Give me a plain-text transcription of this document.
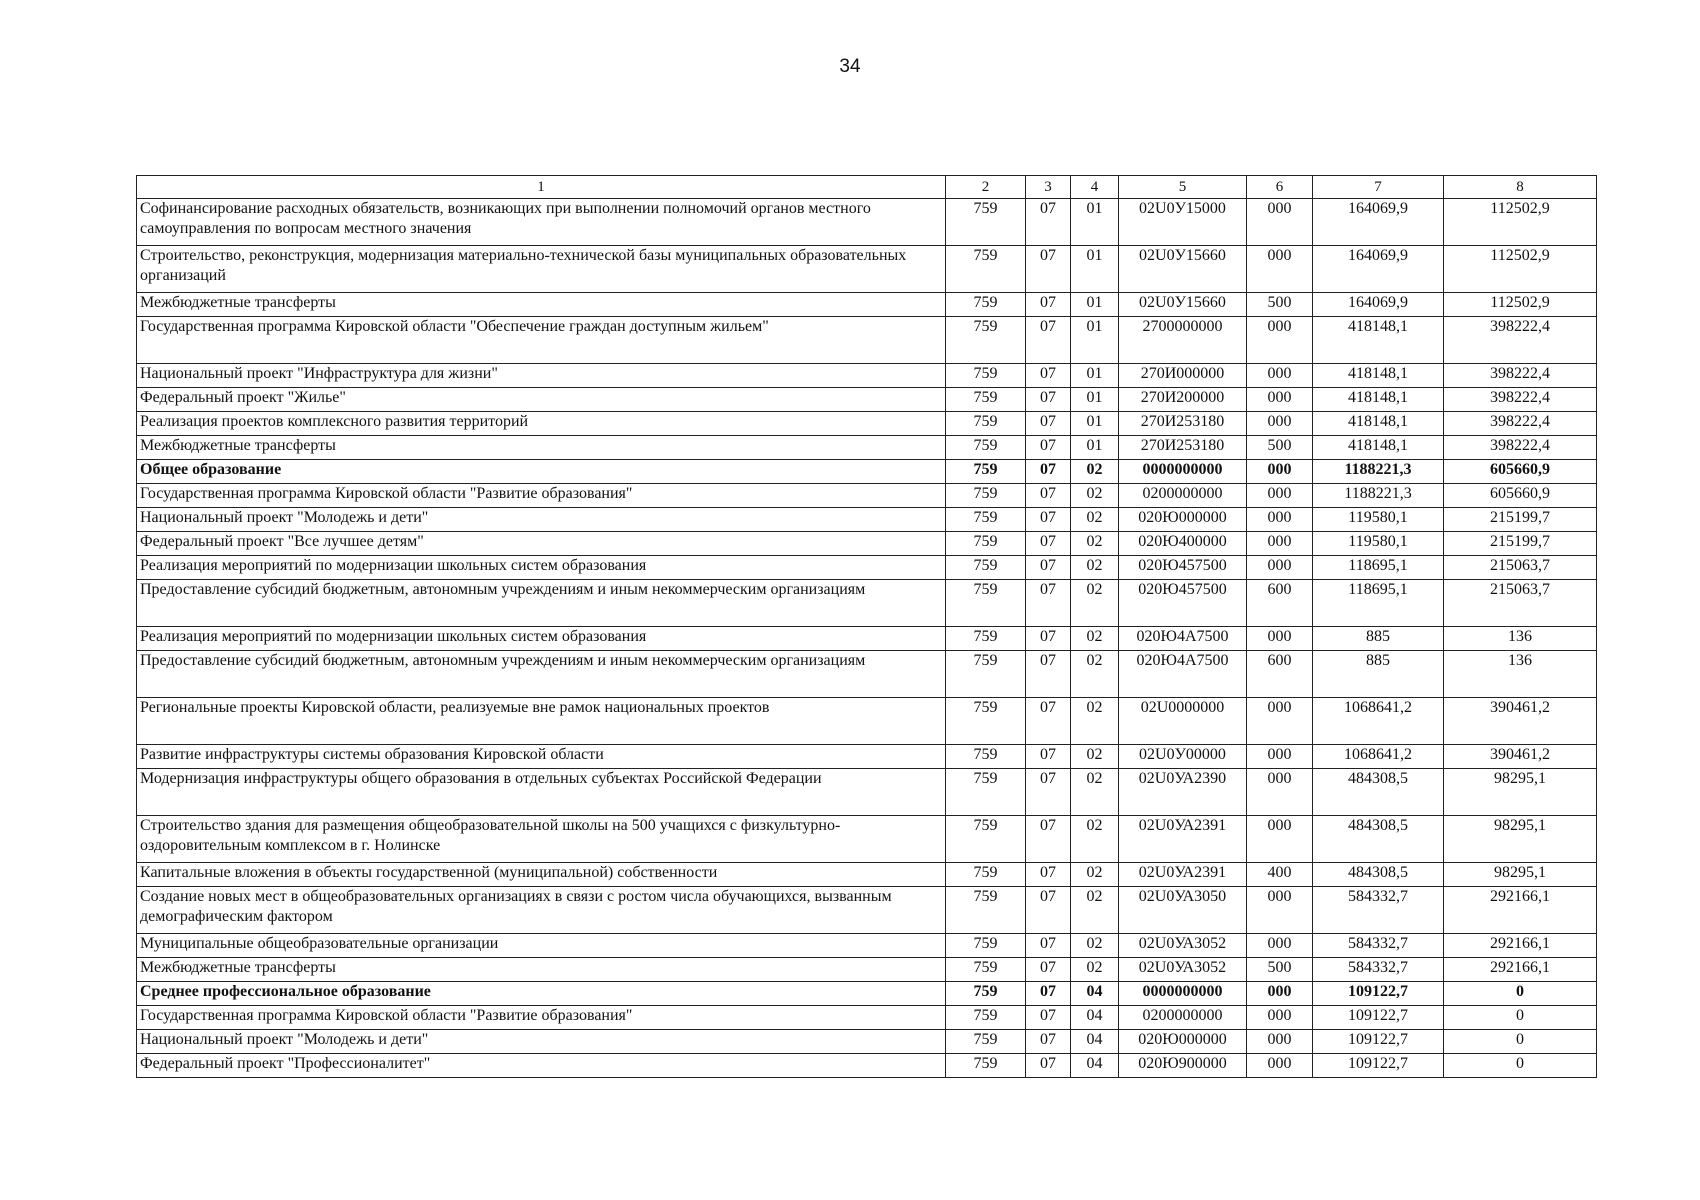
34
1	2	3	4	5	6	7	8
Софинансирование расходных обязательств, возникающих при выполнении полномочий органов местного самоуправления по вопросам местного значения	759	07	01	02U0У15000	000	164069,9	112502,9
Строительство, реконструкция, модернизация материально-технической базы муниципальных образовательных организаций	759	07	01	02U0У15660	000	164069,9	112502,9
Межбюджетные трансферты	759	07	01	02U0У15660	500	164069,9	112502,9
Государственная программа Кировской области "Обеспечение граждан доступным жильем"	759	07	01	2700000000	000	418148,1	398222,4
Национальный проект "Инфраструктура для жизни"	759	07	01	270И000000	000	418148,1	398222,4
Федеральный проект "Жилье"	759	07	01	270И200000	000	418148,1	398222,4
Реализация проектов комплексного развития территорий	759	07	01	270И253180	000	418148,1	398222,4
Межбюджетные трансферты	759	07	01	270И253180	500	418148,1	398222,4
Общее образование	759	07	02	0000000000	000	1188221,3	605660,9
Государственная программа Кировской области "Развитие образования"	759	07	02	0200000000	000	1188221,3	605660,9
Национальный проект "Молодежь и дети"	759	07	02	020Ю000000	000	119580,1	215199,7
Федеральный проект "Все лучшее детям"	759	07	02	020Ю400000	000	119580,1	215199,7
Реализация мероприятий по модернизации школьных систем образования	759	07	02	020Ю457500	000	118695,1	215063,7
Предоставление субсидий бюджетным, автономным учреждениям и иным некоммерческим организациям	759	07	02	020Ю457500	600	118695,1	215063,7
Реализация мероприятий по модернизации школьных систем образования	759	07	02	020Ю4А7500	000	885	136
Предоставление субсидий бюджетным, автономным учреждениям и иным некоммерческим организациям	759	07	02	020Ю4А7500	600	885	136
Региональные проекты Кировской области, реализуемые вне рамок национальных проектов	759	07	02	02U0000000	000	1068641,2	390461,2
Развитие инфраструктуры системы образования Кировской области	759	07	02	02U0У00000	000	1068641,2	390461,2
Модернизация инфраструктуры общего образования в отдельных субъектах Российской Федерации	759	07	02	02U0УА2390	000	484308,5	98295,1
Строительство здания для размещения общеобразовательной школы на 500 учащихся с физкультурно-оздоровительным комплексом в г. Нолинске	759	07	02	02U0УА2391	000	484308,5	98295,1
Капитальные вложения в объекты государственной (муниципальной) собственности	759	07	02	02U0УА2391	400	484308,5	98295,1
Создание новых мест в общеобразовательных организациях в связи с ростом числа обучающихся, вызванным демографическим фактором	759	07	02	02U0УА3050	000	584332,7	292166,1
Муниципальные общеобразовательные организации	759	07	02	02U0УА3052	000	584332,7	292166,1
Межбюджетные трансферты	759	07	02	02U0УА3052	500	584332,7	292166,1
Среднее профессиональное образование	759	07	04	0000000000	000	109122,7	0
Государственная программа Кировской области "Развитие образования"	759	07	04	0200000000	000	109122,7	0
Национальный проект "Молодежь и дети"	759	07	04	020Ю000000	000	109122,7	0
Федеральный проект "Профессионалитет"	759	07	04	020Ю900000	000	109122,7	0
